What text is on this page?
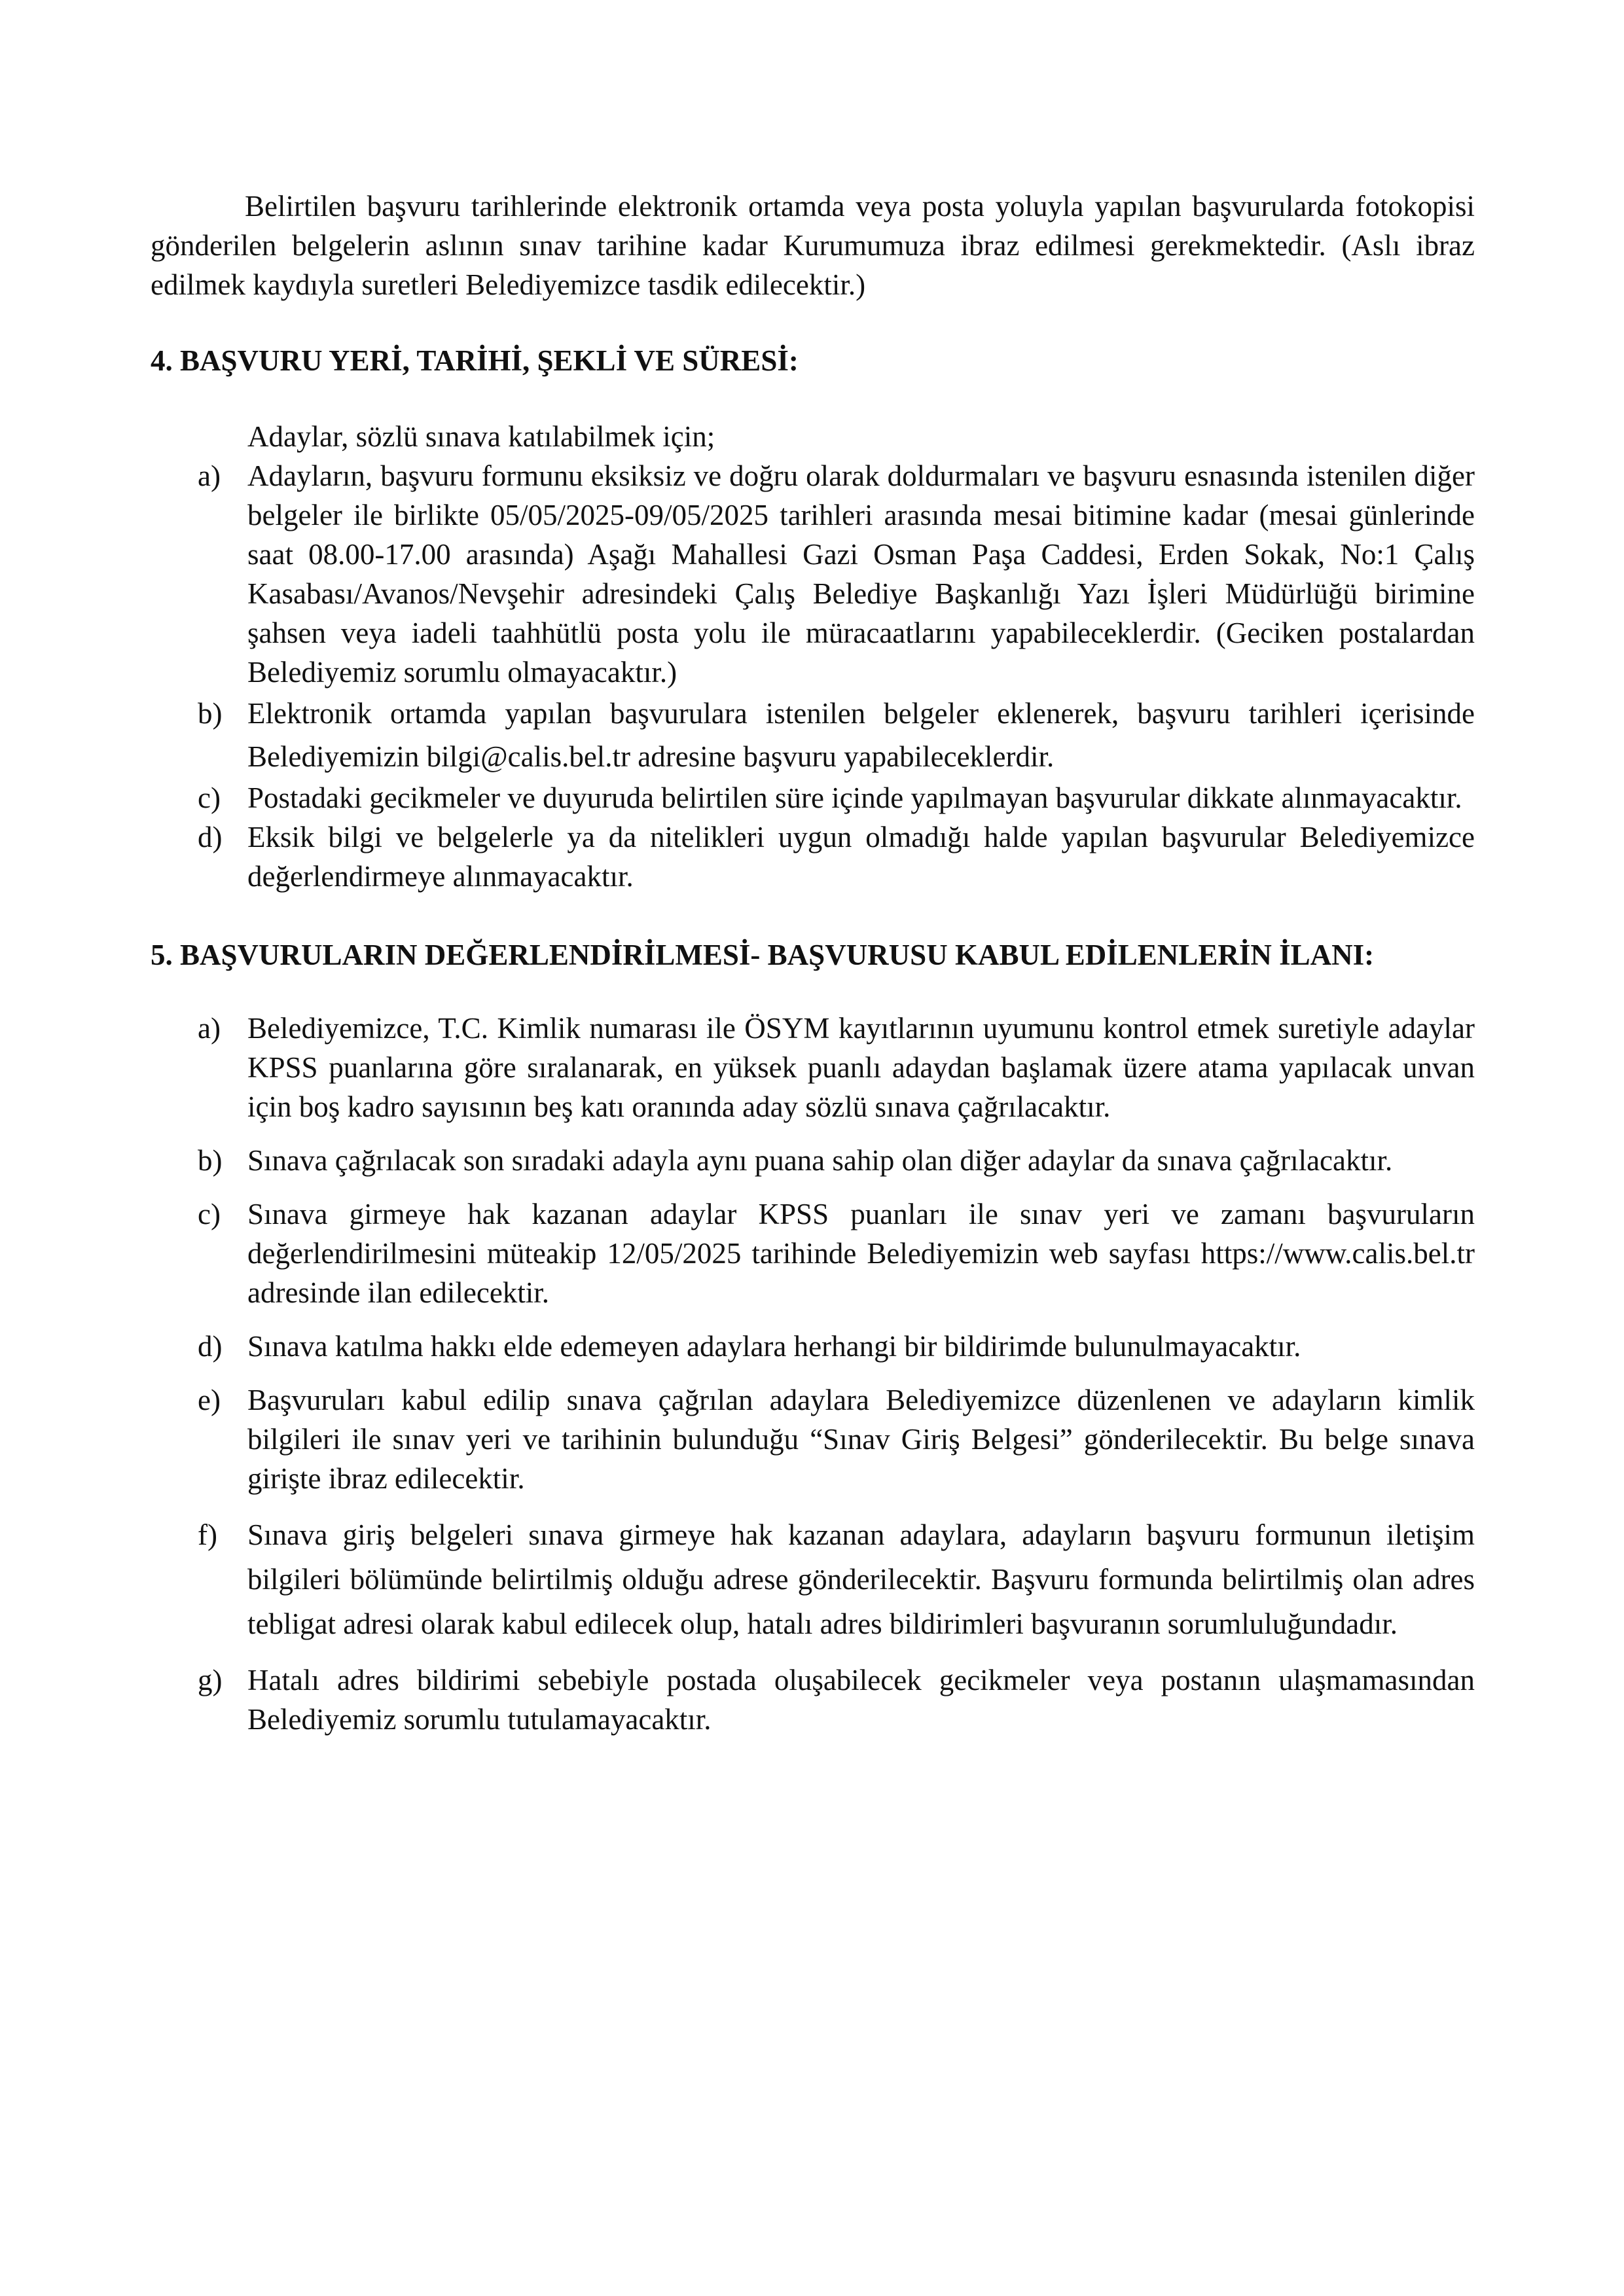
Belirtilen başvuru tarihlerinde elektronik ortamda veya posta yoluyla yapılan başvurularda fotokopisi gönderilen belgelerin aslının sınav tarihine kadar Kurumumuza ibraz edilmesi gerekmektedir. (Aslı ibraz edilmek kaydıyla suretleri Belediyemizce tasdik edilecektir.)

4. BAŞVURU YERİ, TARİHİ, ŞEKLİ VE SÜRESİ:

Adaylar, sözlü sınava katılabilmek için;

a) Adayların, başvuru formunu eksiksiz ve doğru olarak doldurmaları ve başvuru esnasında istenilen diğer belgeler ile birlikte 05/05/2025-09/05/2025 tarihleri arasında mesai bitimine kadar (mesai günlerinde saat 08.00-17.00 arasında) Aşağı Mahallesi Gazi Osman Paşa Caddesi, Erden Sokak, No:1 Çalış Kasabası/Avanos/Nevşehir adresindeki Çalış Belediye Başkanlığı Yazı İşleri Müdürlüğü birimine şahsen veya iadeli taahhütlü posta yolu ile müracaatlarını yapabileceklerdir. (Geciken postalardan Belediyemiz sorumlu olmayacaktır.)
b) Elektronik ortamda yapılan başvurulara istenilen belgeler eklenerek, başvuru tarihleri içerisinde Belediyemizin bilgi@calis.bel.tr adresine başvuru yapabileceklerdir.
c) Postadaki gecikmeler ve duyuruda belirtilen süre içinde yapılmayan başvurular dikkate alınmayacaktır.
d) Eksik bilgi ve belgelerle ya da nitelikleri uygun olmadığı halde yapılan başvurular Belediyemizce değerlendirmeye alınmayacaktır.

5. BAŞVURULARIN DEĞERLENDİRİLMESİ- BAŞVURUSU KABUL EDİLENLERİN İLANI:

a) Belediyemizce, T.C. Kimlik numarası ile ÖSYM kayıtlarının uyumunu kontrol etmek suretiyle adaylar KPSS puanlarına göre sıralanarak, en yüksek puanlı adaydan başlamak üzere atama yapılacak unvan için boş kadro sayısının beş katı oranında aday sözlü sınava çağrılacaktır.
b) Sınava çağrılacak son sıradaki adayla aynı puana sahip olan diğer adaylar da sınava çağrılacaktır.
c) Sınava girmeye hak kazanan adaylar KPSS puanları ile sınav yeri ve zamanı başvuruların değerlendirilmesini müteakip 12/05/2025 tarihinde Belediyemizin web sayfası https://www.calis.bel.tr adresinde ilan edilecektir.
d) Sınava katılma hakkı elde edemeyen adaylara herhangi bir bildirimde bulunulmayacaktır.
e) Başvuruları kabul edilip sınava çağrılan adaylara Belediyemizce düzenlenen ve adayların kimlik bilgileri ile sınav yeri ve tarihinin bulunduğu “Sınav Giriş Belgesi” gönderilecektir. Bu belge sınava girişte ibraz edilecektir.
f) Sınava giriş belgeleri sınava girmeye hak kazanan adaylara, adayların başvuru formunun iletişim bilgileri bölümünde belirtilmiş olduğu adrese gönderilecektir. Başvuru formunda belirtilmiş olan adres tebligat adresi olarak kabul edilecek olup, hatalı adres bildirimleri başvuranın sorumluluğundadır.
g) Hatalı adres bildirimi sebebiyle postada oluşabilecek gecikmeler veya postanın ulaşmamasından Belediyemiz sorumlu tutulamayacaktır.
